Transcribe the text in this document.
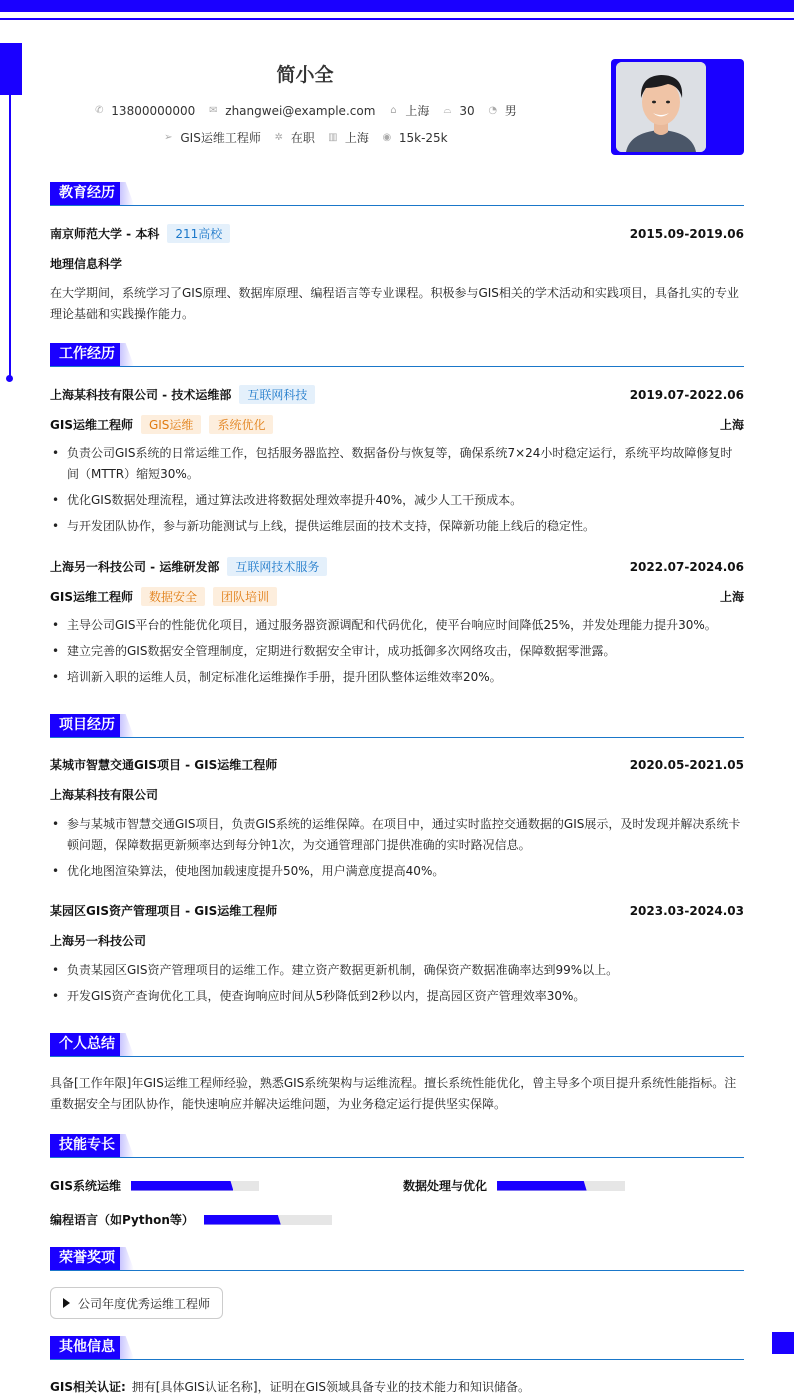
简小全
✆ 13800000000 ✉ zhangwei@example.com ⌂ 上海 ⌓ 30 ◔ 男
➢ GIS运维工程师 ✲ 在职 ▥ 上海 ◉ 15k-25k
教育经历
南京师范大学 - 本科	211高校	2015.09-2019.06
地理信息科学
在大学期间，系统学习了GIS原理、数据库原理、编程语言等专业课程。积极参与GIS相关的学术活动和实践项目，具备扎实的专业理论基础和实践操作能力。
工作经历
上海某科技有限公司 - 技术运维部	互联网科技	2019.07-2022.06
GIS运维工程师	GIS运维	系统优化	上海
• 负责公司GIS系统的日常运维工作，包括服务器监控、数据备份与恢复等，确保系统7×24小时稳定运行，系统平均故障修复时间（MTTR）缩短30%。
• 优化GIS数据处理流程，通过算法改进将数据处理效率提升40%，减少人工干预成本。
• 与开发团队协作，参与新功能测试与上线，提供运维层面的技术支持，保障新功能上线后的稳定性。
上海另一科技公司 - 运维研发部	互联网技术服务	2022.07-2024.06
GIS运维工程师	数据安全	团队培训	上海
• 主导公司GIS平台的性能优化项目，通过服务器资源调配和代码优化，使平台响应时间降低25%，并发处理能力提升30%。
• 建立完善的GIS数据安全管理制度，定期进行数据安全审计，成功抵御多次网络攻击，保障数据零泄露。
• 培训新入职的运维人员，制定标准化运维操作手册，提升团队整体运维效率20%。
项目经历
某城市智慧交通GIS项目 - GIS运维工程师	2020.05-2021.05
上海某科技有限公司
• 参与某城市智慧交通GIS项目，负责GIS系统的运维保障。在项目中，通过实时监控交通数据的GIS展示，及时发现并解决系统卡顿问题，保障数据更新频率达到每分钟1次，为交通管理部门提供准确的实时路况信息。
• 优化地图渲染算法，使地图加载速度提升50%，用户满意度提高40%。
某园区GIS资产管理项目 - GIS运维工程师	2023.03-2024.03
上海另一科技公司
• 负责某园区GIS资产管理项目的运维工作。建立资产数据更新机制，确保资产数据准确率达到99%以上。
• 开发GIS资产查询优化工具，使查询响应时间从5秒降低到2秒以内，提高园区资产管理效率30%。
个人总结
具备[工作年限]年GIS运维工程师经验，熟悉GIS系统架构与运维流程。擅长系统性能优化，曾主导多个项目提升系统性能指标。注重数据安全与团队协作，能快速响应并解决运维问题，为业务稳定运行提供坚实保障。
技能专长
GIS系统运维	数据处理与优化
编程语言（如Python等）
荣誉奖项
公司年度优秀运维工程师
其他信息
GIS相关认证: 拥有[具体GIS认证名称]，证明在GIS领域具备专业的技术能力和知识储备。
